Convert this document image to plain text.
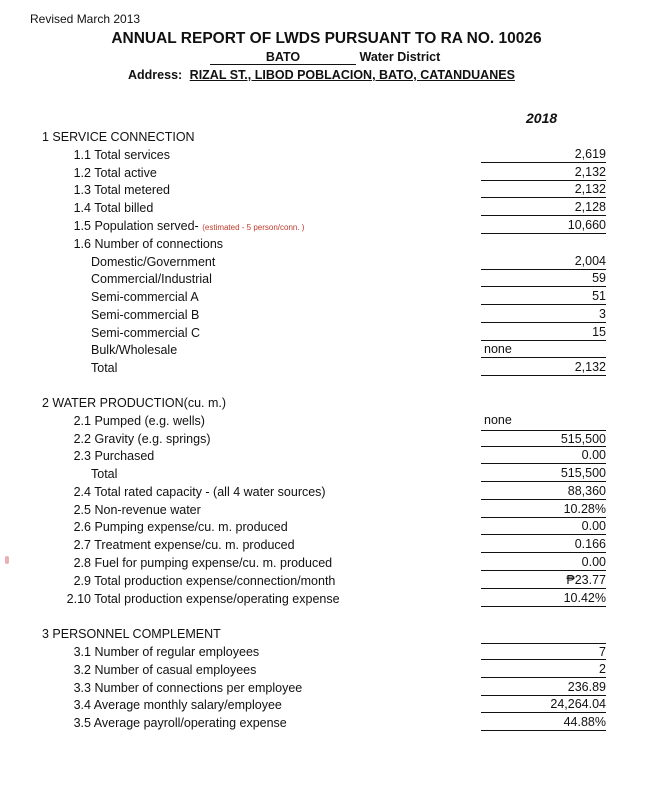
Revised March 2013
ANNUAL REPORT OF LWDS PURSUANT TO RA NO. 10026
BATO	Water District
Address: RIZAL ST., LIBOD POBLACION, BATO, CATANDUANES
2018
1 SERVICE CONNECTION
1.1 Total services	2,619
1.2 Total active	2,132
1.3 Total metered	2,132
1.4 Total billed	2,128
1.5 Population served- (estimated - 5 person/conn. )	10,660
1.6 Number of connections
Domestic/Government	2,004
Commercial/Industrial	59
Semi-commercial A	51
Semi-commercial B	3
Semi-commercial C	15
Bulk/Wholesale	none
Total	2,132
2 WATER PRODUCTION(cu. m.)
2.1 Pumped (e.g. wells)	none
2.2 Gravity (e.g. springs)	515,500
2.3 Purchased	0.00
Total	515,500
2.4 Total rated capacity - (all 4 water sources)	88,360
2.5 Non-revenue water	10.28%
2.6 Pumping expense/cu. m. produced	0.00
2.7 Treatment expense/cu. m. produced	0.166
2.8 Fuel for pumping expense/cu. m. produced	0.00
2.9 Total production expense/connection/month	₱23.77
2.10 Total production expense/operating expense	10.42%
3 PERSONNEL COMPLEMENT
3.1 Number of regular employees	7
3.2 Number of casual employees	2
3.3 Number of connections per employee	236.89
3.4 Average monthly salary/employee	24,264.04
3.5 Average payroll/operating expense	44.88%
